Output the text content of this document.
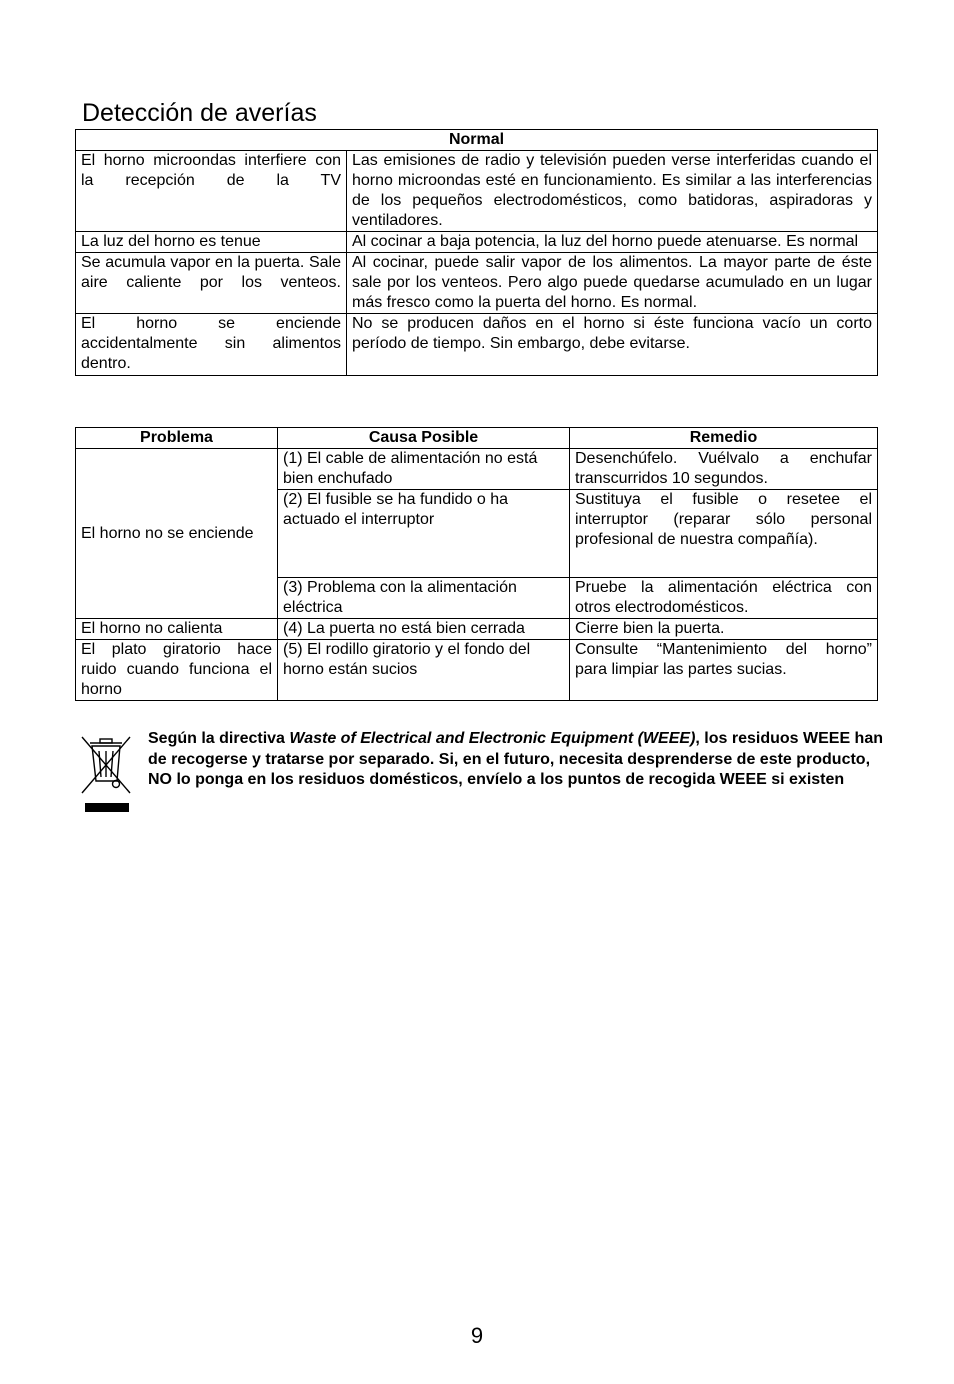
Detección de averías
Normal	
El horno microondas interfiere con la recepción de la TV	Las emisiones de radio y televisión pueden verse interferidas cuando el horno microondas esté en funcionamiento. Es similar a las interferencias de los pequeños electrodomésticos, como batidoras, aspiradoras y ventiladores.
La luz del horno es tenue	Al cocinar a baja potencia, la luz del horno puede atenuarse. Es normal
Se acumula vapor en la puerta. Sale aire caliente por los venteos.	Al cocinar, puede salir vapor de los alimentos. La mayor parte de éste sale por los venteos. Pero algo puede quedarse acumulado en un lugar más fresco como la puerta del horno. Es normal.
El horno se enciende accidentalmente sin alimentos dentro.	No se producen daños en el horno si éste funciona vacío un corto período de tiempo. Sin embargo, debe evitarse.
Problema	Causa Posible	Remedio
El horno no se enciende	(1) El cable de alimentación no está bien enchufado	Desenchúfelo. Vuélvalo a enchufar transcurridos 10 segundos.
	(2) El fusible se ha fundido o ha actuado el interruptor	Sustituya el fusible o resetee el interruptor (reparar sólo personal profesional de nuestra compañía).
	(3) Problema con la alimentación eléctrica	Pruebe la alimentación eléctrica con otros electrodomésticos.
El horno no calienta	(4) La puerta no está bien cerrada	Cierre bien la puerta.
El plato giratorio hace ruido cuando funciona el horno	(5) El rodillo giratorio y el fondo del horno están sucios	Consulte “Mantenimiento del horno”
para limpiar las partes sucias.

Según la directiva Waste of Electrical and Electronic Equipment (WEEE), los residuos WEEE han de recogerse y tratarse por separado. Si, en el futuro, necesita desprenderse de este producto, NO lo ponga en los residuos domésticos, envíelo a los puntos de recogida WEEE si existen

9
